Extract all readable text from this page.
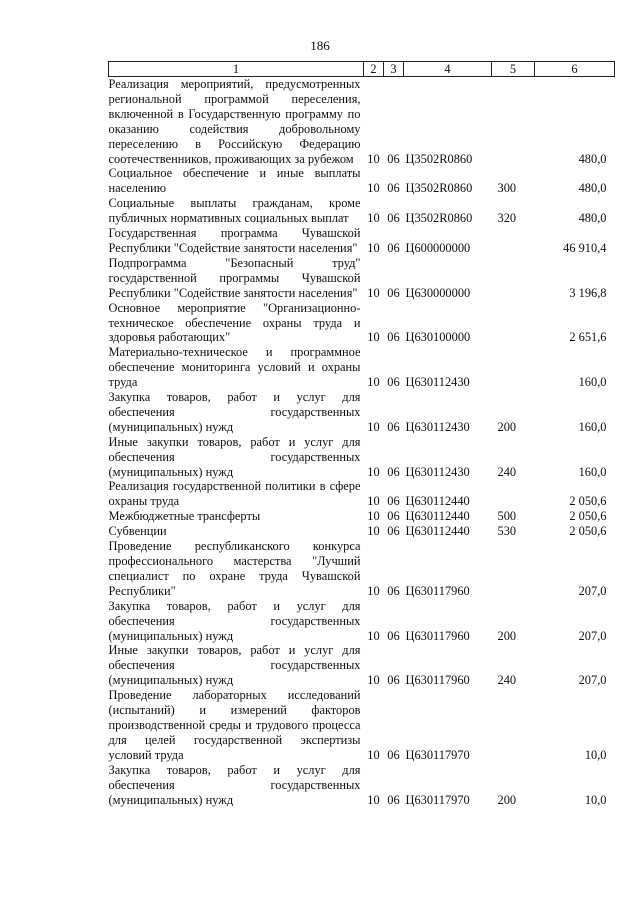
186
1	2	3	4	5	6
Реализация мероприятий, предусмотренных региональной программой переселения, включенной в Государственную программу по оказанию содействия добровольному переселению в Российскую Федерацию соотечественников, проживающих за рубежом	10	06	Ц3502R0860		480,0
Социальное обеспечение и иные выплаты населению	10	06	Ц3502R0860	300	480,0
Социальные выплаты гражданам, кроме публичных нормативных социальных выплат	10	06	Ц3502R0860	320	480,0
Государственная программа Чувашской Республики "Содействие занятости населения"	10	06	Ц600000000		46 910,4
Подпрограмма "Безопасный труд" государственной программы Чувашской Республики "Содействие занятости населения"	10	06	Ц630000000		3 196,8
Основное мероприятие "Организационно-техническое обеспечение охраны труда и здоровья работающих"	10	06	Ц630100000		2 651,6
Материально-техническое и программное обеспечение мониторинга условий и охраны труда	10	06	Ц630112430		160,0
Закупка товаров, работ и услуг для обеспечения государственных (муниципальных) нужд	10	06	Ц630112430	200	160,0
Иные закупки товаров, работ и услуг для обеспечения государственных (муниципальных) нужд	10	06	Ц630112430	240	160,0
Реализация государственной политики в сфере охраны труда	10	06	Ц630112440		2 050,6
Межбюджетные трансферты	10	06	Ц630112440	500	2 050,6
Субвенции	10	06	Ц630112440	530	2 050,6
Проведение республиканского конкурса профессионального мастерства "Лучший специалист по охране труда Чувашской Республики"	10	06	Ц630117960		207,0
Закупка товаров, работ и услуг для обеспечения государственных (муниципальных) нужд	10	06	Ц630117960	200	207,0
Иные закупки товаров, работ и услуг для обеспечения государственных (муниципальных) нужд	10	06	Ц630117960	240	207,0
Проведение лабораторных исследований (испытаний) и измерений факторов производственной среды и трудового процесса для целей государственной экспертизы условий труда	10	06	Ц630117970		10,0
Закупка товаров, работ и услуг для обеспечения государственных (муниципальных) нужд	10	06	Ц630117970	200	10,0
